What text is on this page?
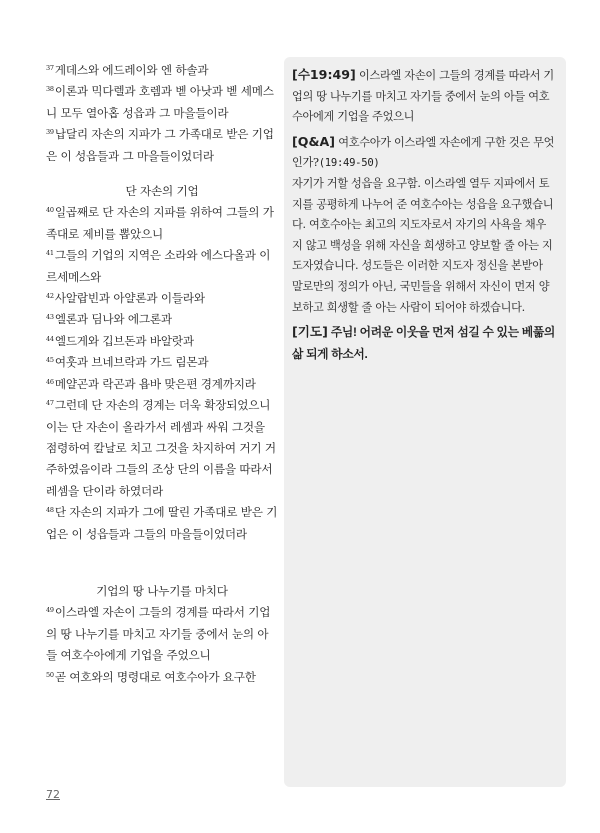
$^{37}$게데스와 에드레이와 엔 하솔과
$^{38}$이론과 믹다렐과 호렘과 벧 아낫과 벧 세메스니 모두 열아홉 성읍과 그 마을들이라
$^{39}$납달리 자손의 지파가 그 가족대로 받은 기업은 이 성읍들과 그 마을들이었더라

단 자손의 기업

$^{40}$일곱째로 단 자손의 지파를 위하여 그들의 가족대로 제비를 뽑았으니
$^{41}$그들의 기업의 지역은 소라와 에스다올과 이르세메스와
$^{42}$사알랍빈과 아얄론과 이들라와
$^{43}$엘론과 딤나와 에그론과
$^{44}$엘드게와 깁브돈과 바알랏과
$^{45}$여훗과 브네브락과 가드 림몬과
$^{46}$메얄곤과 락곤과 욥바 맞은편 경계까지라
$^{47}$그런데 단 자손의 경계는 더욱 확장되었으니 이는 단 자손이 올라가서 레셈과 싸워 그것을 점령하여 칼날로 치고 그것을 차지하여 거기 거주하였음이라 그들의 조상 단의 이름을 따라서 레셈을 단이라 하였더라
$^{48}$단 자손의 지파가 그에 딸린 가족대로 받은 기업은 이 성읍들과 그들의 마을들이었더라

기업의 땅 나누기를 마치다

$^{49}$이스라엘 자손이 그들의 경계를 따라서 기업의 땅 나누기를 마치고 자기들 중에서 눈의 아들 여호수아에게 기업을 주었으니
$^{50}$곧 여호와의 명령대로 여호수아가 요구한

[수19:49] 이스라엘 자손이 그들의 경계를 따라서 기업의 땅 나누기를 마치고 자기들 중에서 눈의 아들 여호수아에게 기업을 주었으니

[Q&A] 여호수아가 이스라엘 자손에게 구한 것은 무엇인가?(19:49-50)

자기가 거할 성읍을 요구함. 이스라엘 열두 지파에서 토지를 공평하게 나누어 준 여호수아는 성읍을 요구했습니다. 여호수아는 최고의 지도자로서 자기의 사욕을 채우지 않고 백성을 위해 자신을 희생하고 양보할 줄 아는 지도자였습니다. 성도들은 이러한 지도자 정신을 본받아 말로만의 정의가 아닌, 국민들을 위해서 자신이 먼저 양보하고 희생할 줄 아는 사람이 되어야 하겠습니다.

[기도] 주님! 어려운 이웃을 먼저 섬길 수 있는 베풂의 삶 되게 하소서.

72
